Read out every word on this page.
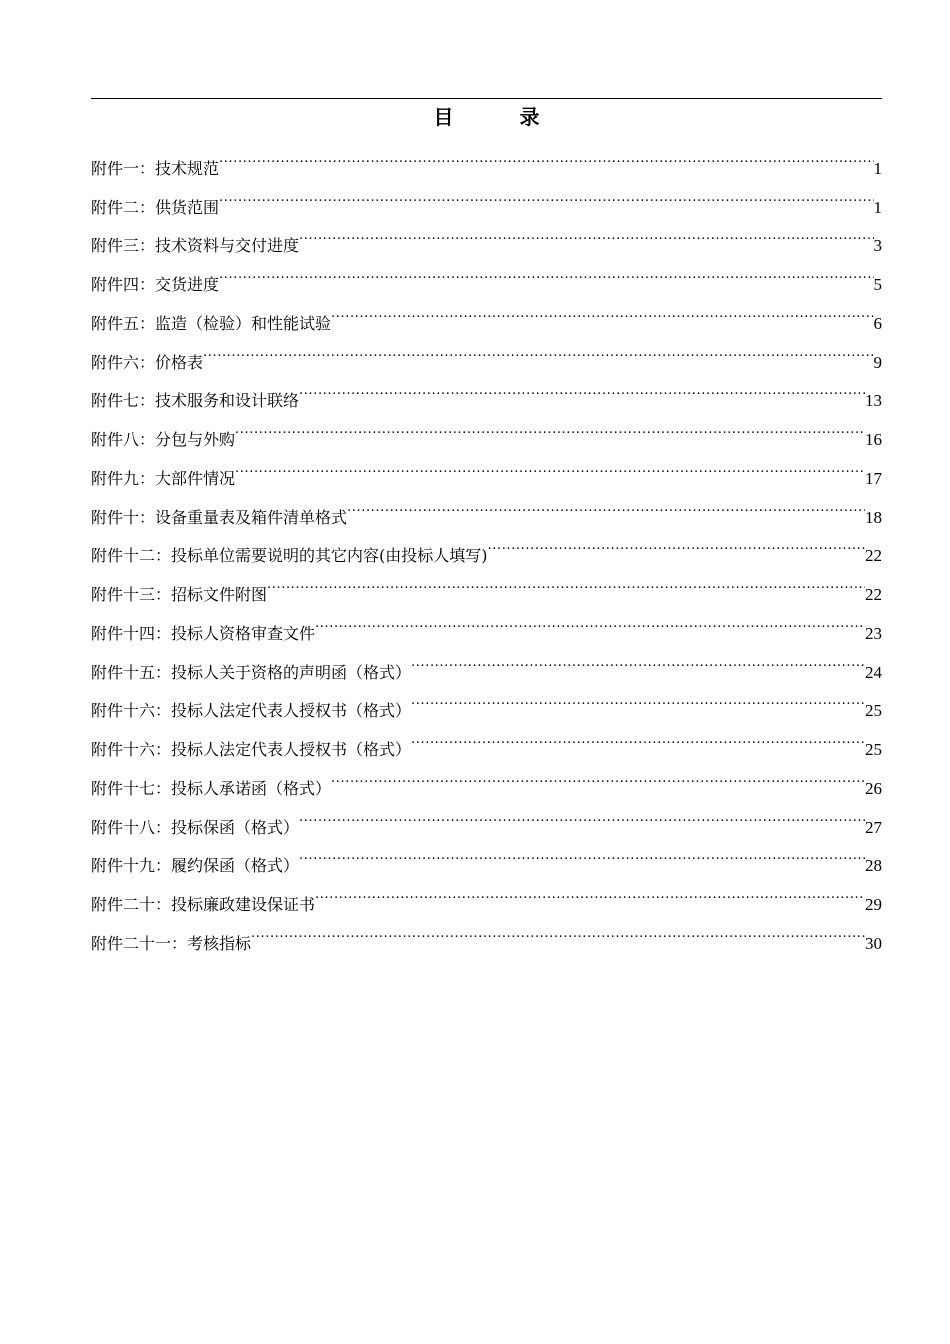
目	录
附件一：技术规范 .....	1
附件二：供货范围 .....	1
附件三：技术资料与交付进度 .....	3
附件四：交货进度 .....	5
附件五：监造（检验）和性能试验 .....	6
附件六：价格表 .....	9
附件七：技术服务和设计联络 .....	13
附件八：分包与外购 .....	16
附件九：大部件情况 .....	17
附件十：设备重量表及箱件清单格式 .....	18
附件十二：投标单位需要说明的其它内容(由投标人填写) .....	22
附件十三：招标文件附图 .....	22
附件十四：投标人资格审查文件 .....	23
附件十五：投标人关于资格的声明函（格式） .....	24
附件十六：投标人法定代表人授权书（格式） .....	25
附件十六：投标人法定代表人授权书（格式） .....	25
附件十七：投标人承诺函（格式） .....	26
附件十八：投标保函（格式） .....	27
附件十九：履约保函（格式） .....	28
附件二十：投标廉政建设保证书 .....	29
附件二十一：考核指标 .....	30
